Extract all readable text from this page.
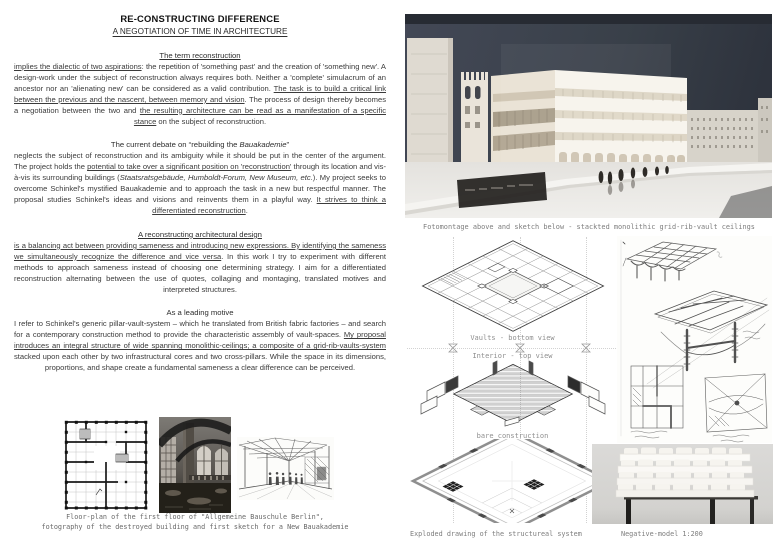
RE-CONSTRUCTING DIFFERENCE
A NEGOTIATION OF TIME IN ARCHITECTURE
The term reconstruction

implies the dialectic of two aspirations: the repetition of 'something past' and the creation of 'something new'. A design-work under the subject of reconstruction always requires both. Neither a 'complete' simulacrum of an ancestor nor an 'alienating new' can be considered as a valid contribution. The task is to build a critical link between the previous and the nascent, between memory and vision. The process of design thereby becomes a negotiation between the two and the resulting architecture can be read as a manifestation of a specific stance on the subject of reconstruction.

The current debate on “rebuilding the Bauakademie”

neglects the subject of reconstruction and its ambiguity while it should be put in the center of the argument. The project holds the potential to take over a significant position on 'reconstruction' through its location and vis-à-vis its surrounding buildings (Staatsratsgebäude, Humboldt-Forum, New Museum, etc.). My project seeks to overcome Schinkel's mystified Bauakademie and to approach the task in a new but respectful manner. The proposal studies Schinkel's ideas and visions and reinvents them in a playful way. It strives to think a differentiated reconstruction.

A reconstructing architectural design

is a balancing act between providing sameness and introducing new expressions. By identifying the sameness we simultaneously recognize the difference and vice versa. In this work I try to experiment with different methods to approach sameness instead of choosing one determining strategy. I aim for a differentiated reconstruction alternating between the use of quotes, collaging and montaging, translated motives and interpreted structures.

As a leading motive

I refer to Schinkel's generic pillar-vault-system – which he translated from British fabric factories – and search for a contemporary construction method to provide the characteristic assembly of vault-spaces. My proposal introduces an integral structure of wide spanning monolithic-ceilings; a composite of a grid-rib-vaults-system stacked upon each other by two infrastructural cores and two cross-pillars. While the space in its dimensions, proportions, and shape create a fundamental sameness a clear difference can be perceived.

Floor-plan of the first floor of "Allgemeine Bauschule Berlin",
fotography of the destroyed building and first sketch for a New Bauakademie
Fotomontage above and sketch below - stackted monolithic grid-rib-vault ceilings
Vaults - bottom view
Interior - top view
bare construction
Exploded drawing of the structureal system	Negative-model 1:200
